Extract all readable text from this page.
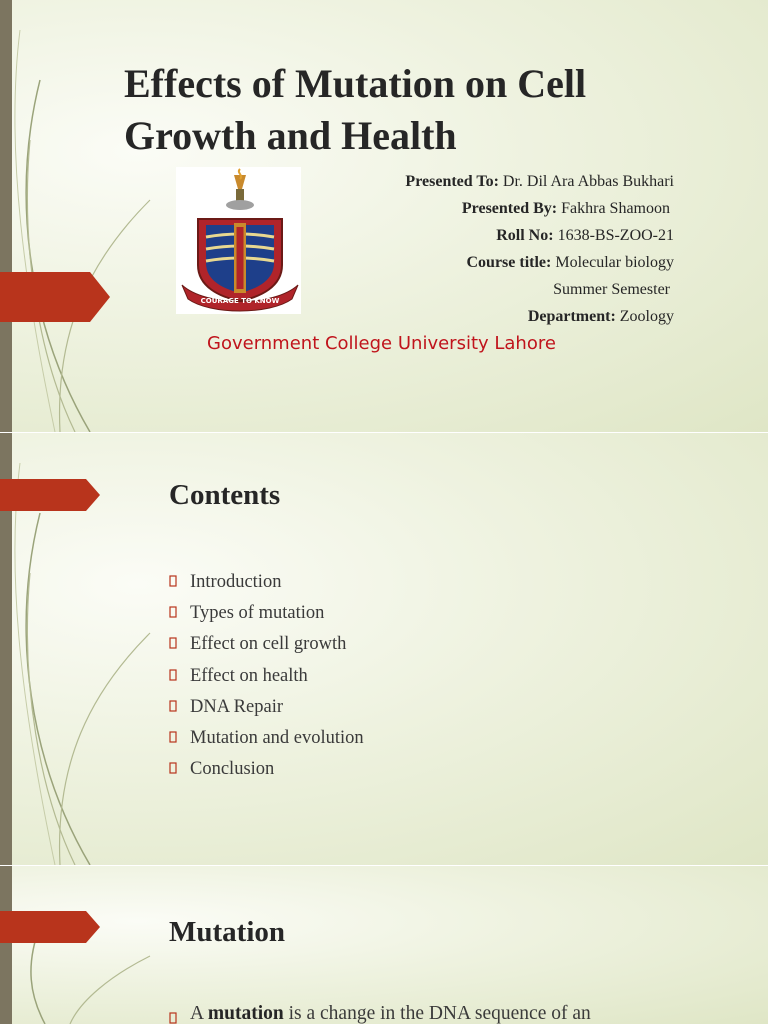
Effects of Mutation on Cell Growth and Health
COURAGE TO KNOW
Presented To: Dr. Dil Ara Abbas Bukhari
Presented By: Fakhra Shamoon
Roll No: 1638-BS-ZOO-21
Course title: Molecular biology
Summer Semester
Department: Zoology
Government College University Lahore
Contents
Introduction
Types of mutation
Effect on cell growth
Effect on health
DNA Repair
Mutation and evolution
Conclusion
Mutation
A mutation is a change in the DNA sequence of an
